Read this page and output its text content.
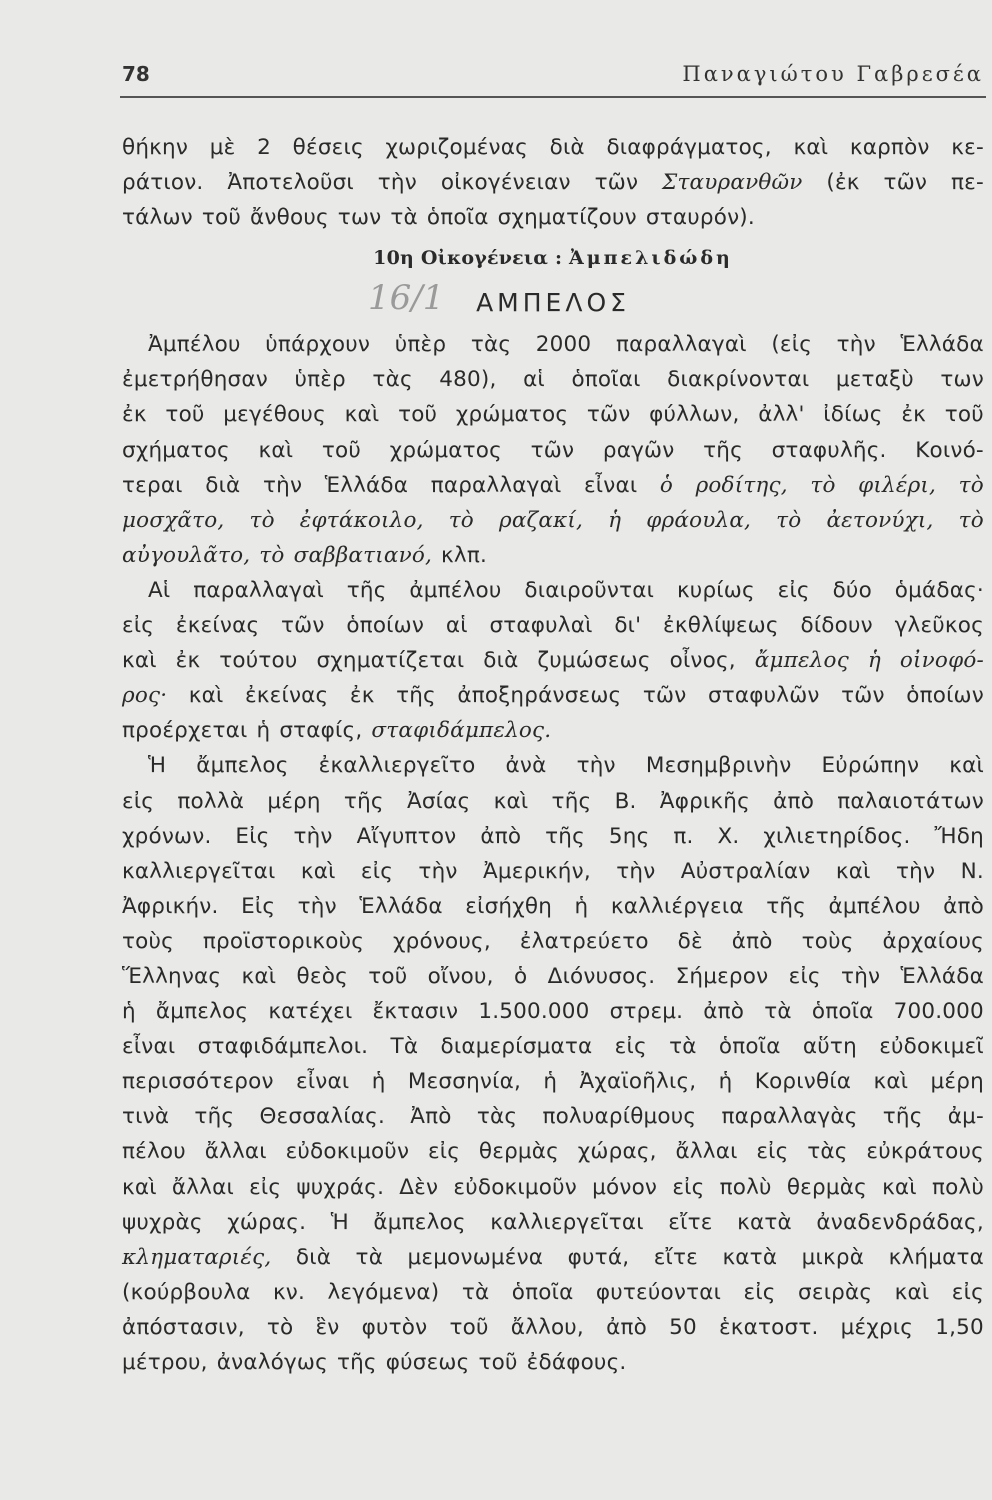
78	Παναγιώτου Γαβρεσέα
θήκην μὲ 2 θέσεις χωριζομένας διὰ διαφράγματος, καὶ καρπὸν κε-
ράτιον. Ἀποτελοῦσι τὴν οἰκογένειαν τῶν Σταυρανθῶν (ἐκ τῶν πε-
τάλων τοῦ ἄνθους των τὰ ὁποῖα σχηματίζουν σταυρόν).
10η Οἰκογένεια : Ἀμπελιδώδη
ΑΜΠΕΛΟΣ
Ἀμπέλου ὑπάρχουν ὑπὲρ τὰς 2000 παραλλαγαὶ (εἰς τὴν Ἑλλάδα
ἐμετρήθησαν ὑπὲρ τὰς 480), αἱ ὁποῖαι διακρίνονται μεταξὺ των
ἐκ τοῦ μεγέθους καὶ τοῦ χρώματος τῶν φύλλων, ἀλλ' ἰδίως ἐκ τοῦ
σχήματος καὶ τοῦ χρώματος τῶν ραγῶν τῆς σταφυλῆς. Κοινό-
τεραι διὰ τὴν Ἑλλάδα παραλλαγαὶ εἶναι ὁ ροδίτης, τὸ φιλέρι, τὸ
μοσχᾶτο, τὸ ἐφτάκοιλο, τὸ ραζακί, ἡ φράουλα, τὸ ἀετονύχι, τὸ
αὐγουλᾶτο, τὸ σαββατιανό, κλπ.
Αἱ παραλλαγαὶ τῆς ἀμπέλου διαιροῦνται κυρίως εἰς δύο ὁμάδας·
εἰς ἐκείνας τῶν ὁποίων αἱ σταφυλαὶ δι' ἐκθλίψεως δίδουν γλεῦκος
καὶ ἐκ τούτου σχηματίζεται διὰ ζυμώσεως οἶνος, ἄμπελος ἡ οἰνοφό-
ρος· καὶ ἐκείνας ἐκ τῆς ἀποξηράνσεως τῶν σταφυλῶν τῶν ὁποίων
προέρχεται ἡ σταφίς, σταφιδάμπελος.
Ἡ ἄμπελος ἐκαλλιεργεῖτο ἀνὰ τὴν Μεσημβρινὴν Εὐρώπην καὶ
εἰς πολλὰ μέρη τῆς Ἀσίας καὶ τῆς Β. Ἀφρικῆς ἀπὸ παλαιοτάτων
χρόνων. Εἰς τὴν Αἴγυπτον ἀπὸ τῆς 5ης π. Χ. χιλιετηρίδος. Ἤδη
καλλιεργεῖται καὶ εἰς τὴν Ἀμερικήν, τὴν Αὐστραλίαν καὶ τὴν Ν.
Ἀφρικήν. Εἰς τὴν Ἑλλάδα εἰσήχθη ἡ καλλιέργεια τῆς ἀμπέλου ἀπὸ
τοὺς προϊστορικοὺς χρόνους, ἐλατρεύετο δὲ ἀπὸ τοὺς ἀρχαίους
Ἕλληνας καὶ θεὸς τοῦ οἴνου, ὁ Διόνυσος. Σήμερον εἰς τὴν Ἑλλάδα
ἡ ἄμπελος κατέχει ἔκτασιν 1.500.000 στρεμ. ἀπὸ τὰ ὁποῖα 700.000
εἶναι σταφιδάμπελοι. Τὰ διαμερίσματα εἰς τὰ ὁποῖα αὕτη εὐδοκιμεῖ
περισσότερον εἶναι ἡ Μεσσηνία, ἡ Ἀχαϊοῆλις, ἡ Κορινθία καὶ μέρη
τινὰ τῆς Θεσσαλίας. Ἀπὸ τὰς πολυαρίθμους παραλλαγὰς τῆς ἀμ-
πέλου ἄλλαι εὐδοκιμοῦν εἰς θερμὰς χώρας, ἄλλαι εἰς τὰς εὐκράτους
καὶ ἄλλαι εἰς ψυχράς. Δὲν εὐδοκιμοῦν μόνον εἰς πολὺ θερμὰς καὶ πολὺ
ψυχρὰς χώρας. Ἡ ἄμπελος καλλιεργεῖται εἴτε κατὰ ἀναδενδράδας,
κληματαριές, διὰ τὰ μεμονωμένα φυτά, εἴτε κατὰ μικρὰ κλήματα
(κούρβουλα κν. λεγόμενα) τὰ ὁποῖα φυτεύονται εἰς σειρὰς καὶ εἰς
ἀπόστασιν, τὸ ἓν φυτὸν τοῦ ἄλλου, ἀπὸ 50 ἑκατοστ. μέχρις 1,50
μέτρου, ἀναλόγως τῆς φύσεως τοῦ ἐδάφους.
16/1
